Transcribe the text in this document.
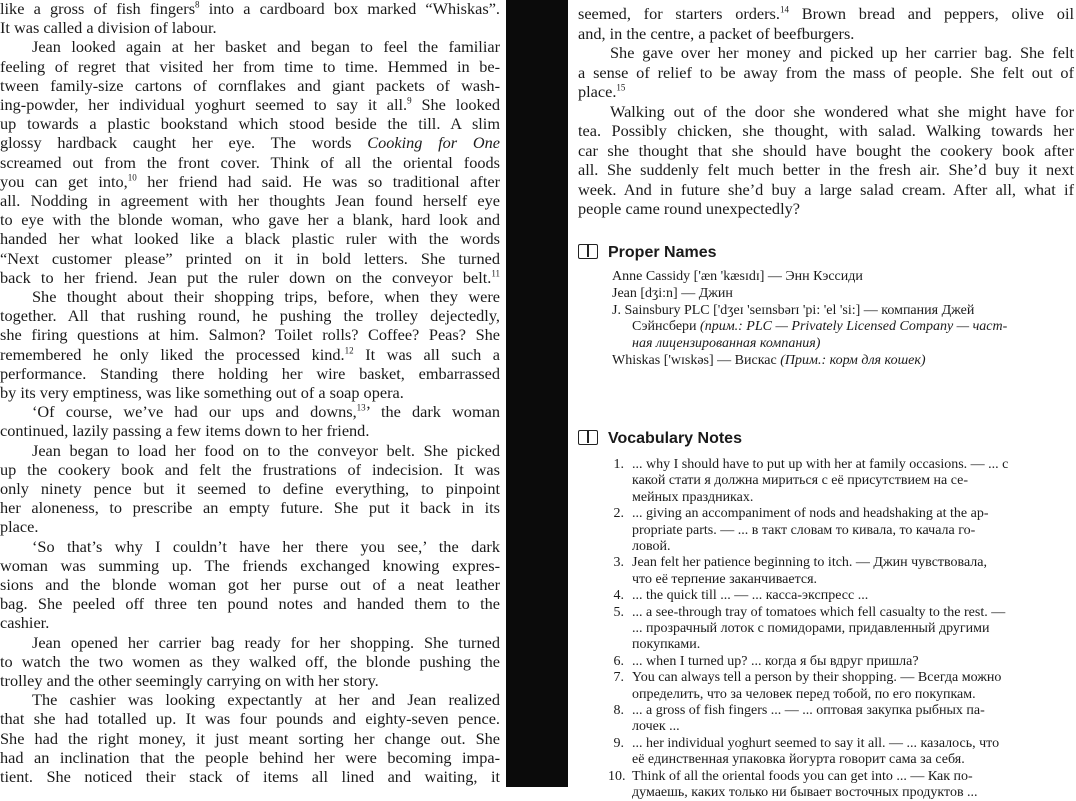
like a gross of fish fingers$^8$ into a cardboard box marked “Whiskas”.
It was called a division of labour.
Jean looked again at her basket and began to feel the familiar
feeling of regret that visited her from time to time. Hemmed in be-
tween family-size cartons of cornflakes and giant packets of wash-
ing-powder, her individual yoghurt seemed to say it all.$^9$ She looked
up towards a plastic bookstand which stood beside the till. A slim
glossy hardback caught her eye. The words Cooking for One
screamed out from the front cover. Think of all the oriental foods
you can get into,$^{10}$ her friend had said. He was so traditional after
all. Nodding in agreement with her thoughts Jean found herself eye
to eye with the blonde woman, who gave her a blank, hard look and
handed her what looked like a black plastic ruler with the words
“Next customer please” printed on it in bold letters. She turned
back to her friend. Jean put the ruler down on the conveyor belt.$^{11}$
She thought about their shopping trips, before, when they were
together. All that rushing round, he pushing the trolley dejectedly,
she firing questions at him. Salmon? Toilet rolls? Coffee? Peas? She
remembered he only liked the processed kind.$^{12}$ It was all such a
performance. Standing there holding her wire basket, embarrassed
by its very emptiness, was like something out of a soap opera.
‘Of course, we’ve had our ups and downs,$^{13}$’ the dark woman
continued, lazily passing a few items down to her friend.
Jean began to load her food on to the conveyor belt. She picked
up the cookery book and felt the frustrations of indecision. It was
only ninety pence but it seemed to define everything, to pinpoint
her aloneness, to prescribe an empty future. She put it back in its
place.
‘So that’s why I couldn’t have her there you see,’ the dark
woman was summing up. The friends exchanged knowing expres-
sions and the blonde woman got her purse out of a neat leather
bag. She peeled off three ten pound notes and handed them to the
cashier.
Jean opened her carrier bag ready for her shopping. She turned
to watch the two women as they walked off, the blonde pushing the
trolley and the other seemingly carrying on with her story.
The cashier was looking expectantly at her and Jean realized
that she had totalled up. It was four pounds and eighty-seven pence.
She had the right money, it just meant sorting her change out. She
had an inclination that the people behind her were becoming impa-
tient. She noticed their stack of items all lined and waiting, it
seemed, for starters orders.$^{14}$ Brown bread and peppers, olive oil
and, in the centre, a packet of beefburgers.
She gave over her money and picked up her carrier bag. She felt
a sense of relief to be away from the mass of people. She felt out of
place.$^{15}$
Walking out of the door she wondered what she might have for
tea. Possibly chicken, she thought, with salad. Walking towards her
car she thought that she should have bought the cookery book after
all. She suddenly felt much better in the fresh air. She’d buy it next
week. And in future she’d buy a large salad cream. After all, what if
people came round unexpectedly?
Proper Names
Anne Cassidy ['æn 'kæsɪdɪ] — Энн Кэссиди
Jean [dʒi:n] — Джин
J. Sainsbury PLC ['dʒeɪ 'seɪnsbərɪ 'pi: 'el 'si:] — компания Джей
Сэйнсбери (прим.: PLC — Privately Licensed Company — част-
ная лицензированная компания)
Whiskas ['wɪskəs] — Вискас (Прим.: корм для кошек)
Vocabulary Notes
1. ... why I should have to put up with her at family occasions. — ... с
какой стати я должна мириться с её присутствием на се-
мейных праздниках.
2. ... giving an accompaniment of nods and headshaking at the ap-
propriate parts. — ... в такт словам то кивала, то качала го-
ловой.
3. Jean felt her patience beginning to itch. — Джин чувствовала,
что её терпение заканчивается.
4. ... the quick till ... — ... касса-экспресс ...
5. ... a see-through tray of tomatoes which fell casualty to the rest. —
... прозрачный лоток с помидорами, придавленный другими
покупками.
6. ... when I turned up? ... когда я бы вдруг пришла?
7. You can always tell a person by their shopping. — Всегда можно
определить, что за человек перед тобой, по его покупкам.
8. ... a gross of fish fingers ... — ... оптовая закупка рыбных па-
лочек ...
9. ... her individual yoghurt seemed to say it all. — ... казалось, что
её единственная упаковка йогурта говорит сама за себя.
10. Think of all the oriental foods you can get into ... — Как по-
думаешь, каких только ни бывает восточных продуктов ...
